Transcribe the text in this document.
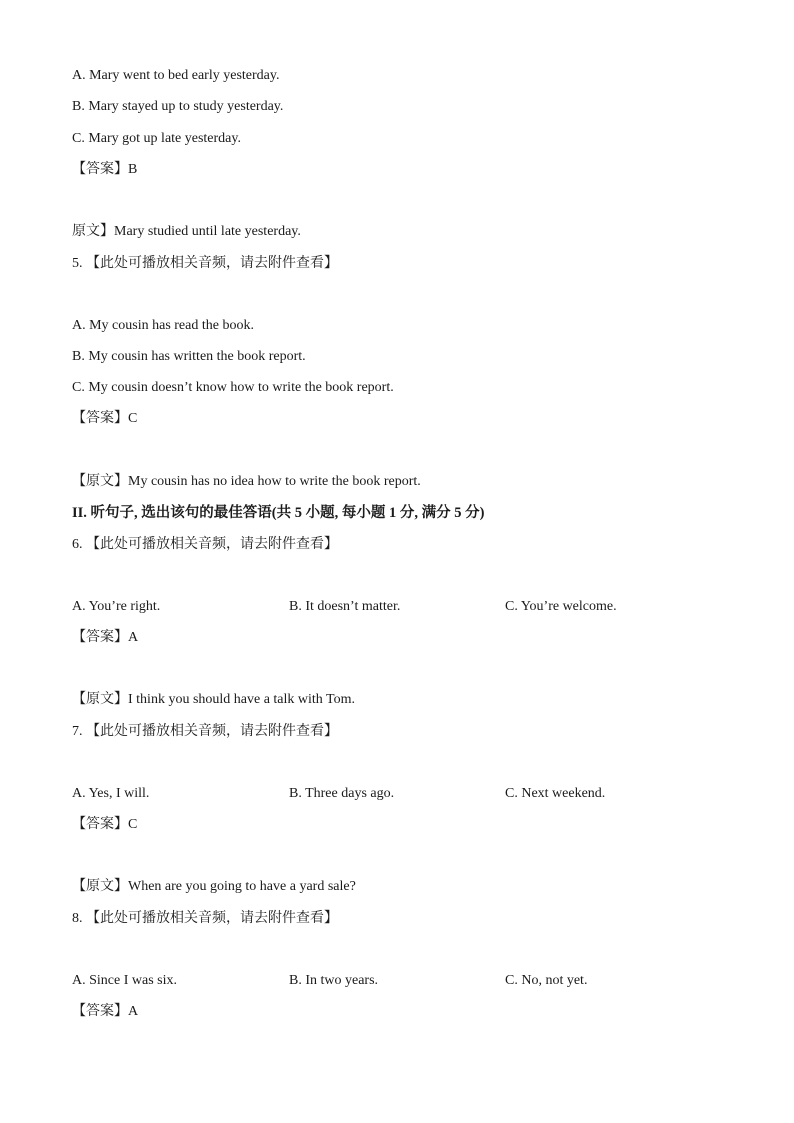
A. Mary went to bed early yesterday.
B. Mary stayed up to study yesterday.
C. Mary got up late yesterday.
【答案】B
原文】Mary studied until late yesterday.
5. 【此处可播放相关音频，请去附件查看】
A. My cousin has read the book.
B. My cousin has written the book report.
C. My cousin doesn’t know how to write the book report.
【答案】C
【原文】My cousin has no idea how to write the book report.
II. 听句子, 选出该句的最佳答语(共 5 小题, 每小题 1 分, 满分 5 分)
6. 【此处可播放相关音频，请去附件查看】
A. You’re right.	B. It doesn’t matter.	C. You’re welcome.
【答案】A
【原文】I think you should have a talk with Tom.
7. 【此处可播放相关音频，请去附件查看】
A. Yes, I will.	B. Three days ago.	C. Next weekend.
【答案】C
【原文】When are you going to have a yard sale?
8. 【此处可播放相关音频，请去附件查看】
A. Since I was six.	B. In two years.	C. No, not yet.
【答案】A
